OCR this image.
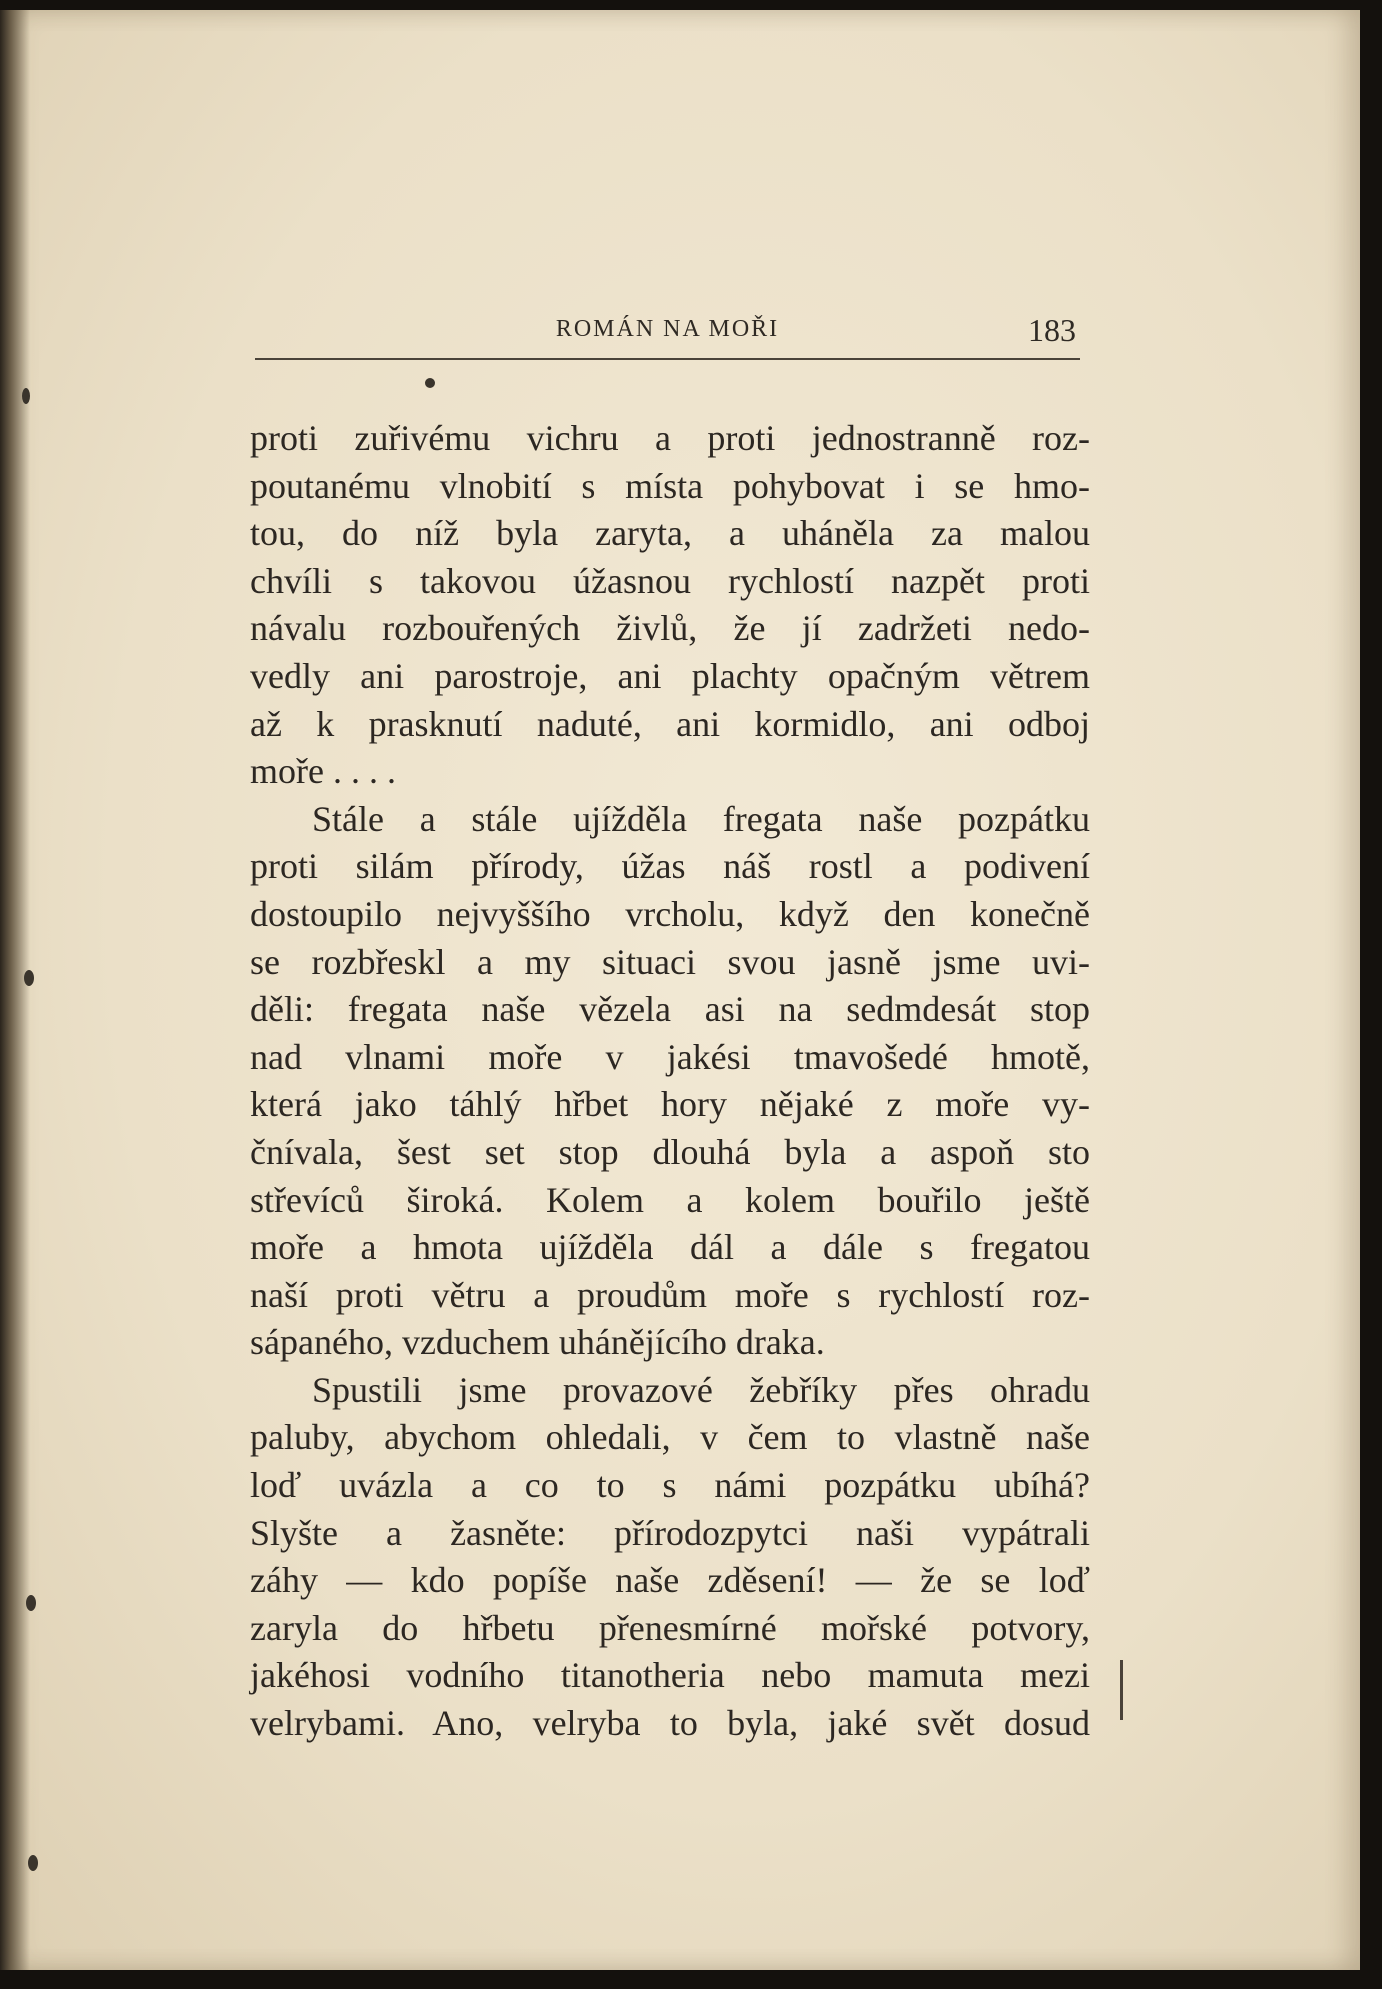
ROMÁN NA MOŘI	183
proti zuřivému vichru a proti jednostranně roz-
poutanému vlnobití s místa pohybovat i se hmo-
tou, do níž byla zaryta, a uháněla za malou
chvíli s takovou úžasnou rychlostí nazpět proti
návalu rozbouřených živlů, že jí zadržeti nedo-
vedly ani parostroje, ani plachty opačným větrem
až k prasknutí naduté, ani kormidlo, ani odboj
moře . . . .
Stále a stále ujížděla fregata naše pozpátku
proti silám přírody, úžas náš rostl a podivení
dostoupilo nejvyššího vrcholu, když den konečně
se rozbřeskl a my situaci svou jasně jsme uvi-
děli: fregata naše vězela asi na sedmdesát stop
nad vlnami moře v jakési tmavošedé hmotě,
která jako táhlý hřbet hory nějaké z moře vy-
čnívala, šest set stop dlouhá byla a aspoň sto
střevíců široká. Kolem a kolem bouřilo ještě
moře a hmota ujížděla dál a dále s fregatou
naší proti větru a proudům moře s rychlostí roz-
sápaného, vzduchem uhánějícího draka.
Spustili jsme provazové žebříky přes ohradu
paluby, abychom ohledali, v čem to vlastně naše
loď uvázla a co to s námi pozpátku ubíhá?
Slyšte a žasněte: přírodozpytci naši vypátrali
záhy — kdo popíše naše zděsení! — že se loď
zaryla do hřbetu přenesmírné mořské potvory,
jakéhosi vodního titanotheria nebo mamuta mezi
velrybami. Ano, velryba to byla, jaké svět dosud
